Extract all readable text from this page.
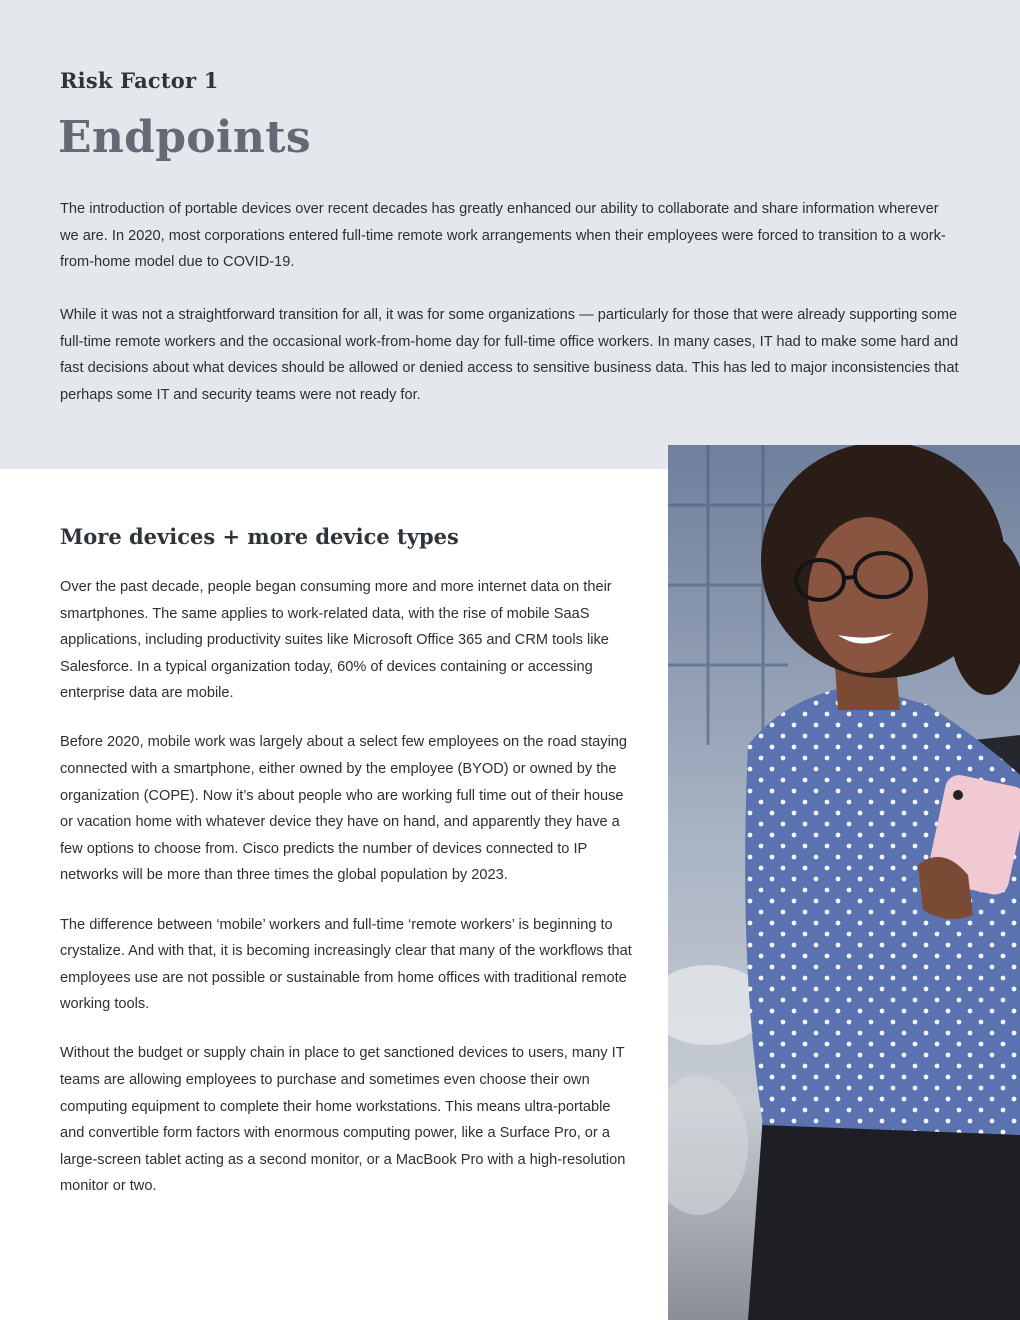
Risk Factor 1
Endpoints

The introduction of portable devices over recent decades has greatly enhanced our ability to collaborate and share information wherever we are. In 2020, most corporations entered full-time remote work arrangements when their employees were forced to transition to a work-from-home model due to COVID-19.

While it was not a straightforward transition for all, it was for some organizations — particularly for those that were already supporting some full-time remote workers and the occasional work-from-home day for full-time office workers. In many cases, IT had to make some hard and fast decisions about what devices should be allowed or denied access to sensitive business data. This has led to major inconsistencies that perhaps some IT and security teams were not ready for.

More devices + more device types

Over the past decade, people began consuming more and more internet data on their smartphones. The same applies to work-related data, with the rise of mobile SaaS applications, including productivity suites like Microsoft Office 365 and CRM tools like Salesforce. In a typical organization today, 60% of devices containing or accessing enterprise data are mobile.

Before 2020, mobile work was largely about a select few employees on the road staying connected with a smartphone, either owned by the employee (BYOD) or owned by the organization (COPE). Now it’s about people who are working full time out of their house or vacation home with whatever device they have on hand, and apparently they have a few options to choose from. Cisco predicts the number of devices connected to IP networks will be more than three times the global population by 2023.

The difference between ‘mobile’ workers and full-time ‘remote workers’ is beginning to crystalize. And with that, it is becoming increasingly clear that many of the workflows that employees use are not possible or sustainable from home offices with traditional remote working tools.

Without the budget or supply chain in place to get sanctioned devices to users, many IT teams are allowing employees to purchase and sometimes even choose their own computing equipment to complete their home workstations. This means ultra-portable and convertible form factors with enormous computing power, like a Surface Pro, or a large-screen tablet acting as a second monitor, or a MacBook Pro with a high-resolution monitor or two.
